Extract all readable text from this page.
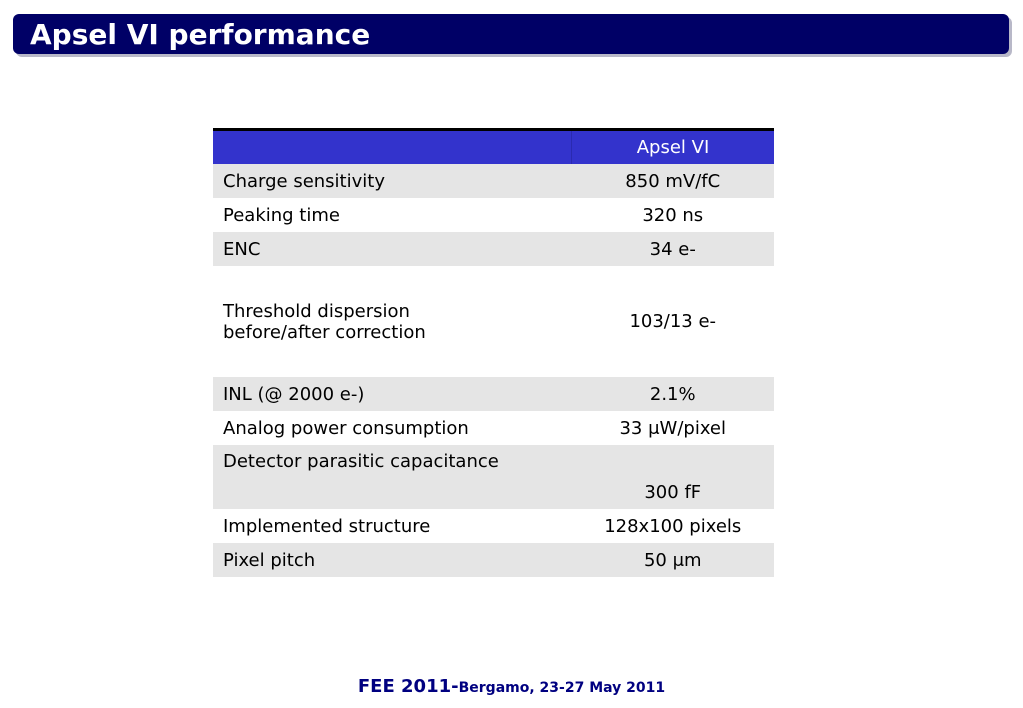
Apsel VI performance
	Apsel VI
Charge sensitivity	850 mV/fC
Peaking time	320 ns
ENC	34 e-
Threshold dispersion
before/after correction	103/13 e-
INL (@ 2000 e-)	2.1%
Analog power consumption	33 μW/pixel
Detector parasitic capacitance	300 fF
Implemented structure	128x100 pixels
Pixel pitch	50 μm
FEE 2011-Bergamo, 23-27 May 2011
